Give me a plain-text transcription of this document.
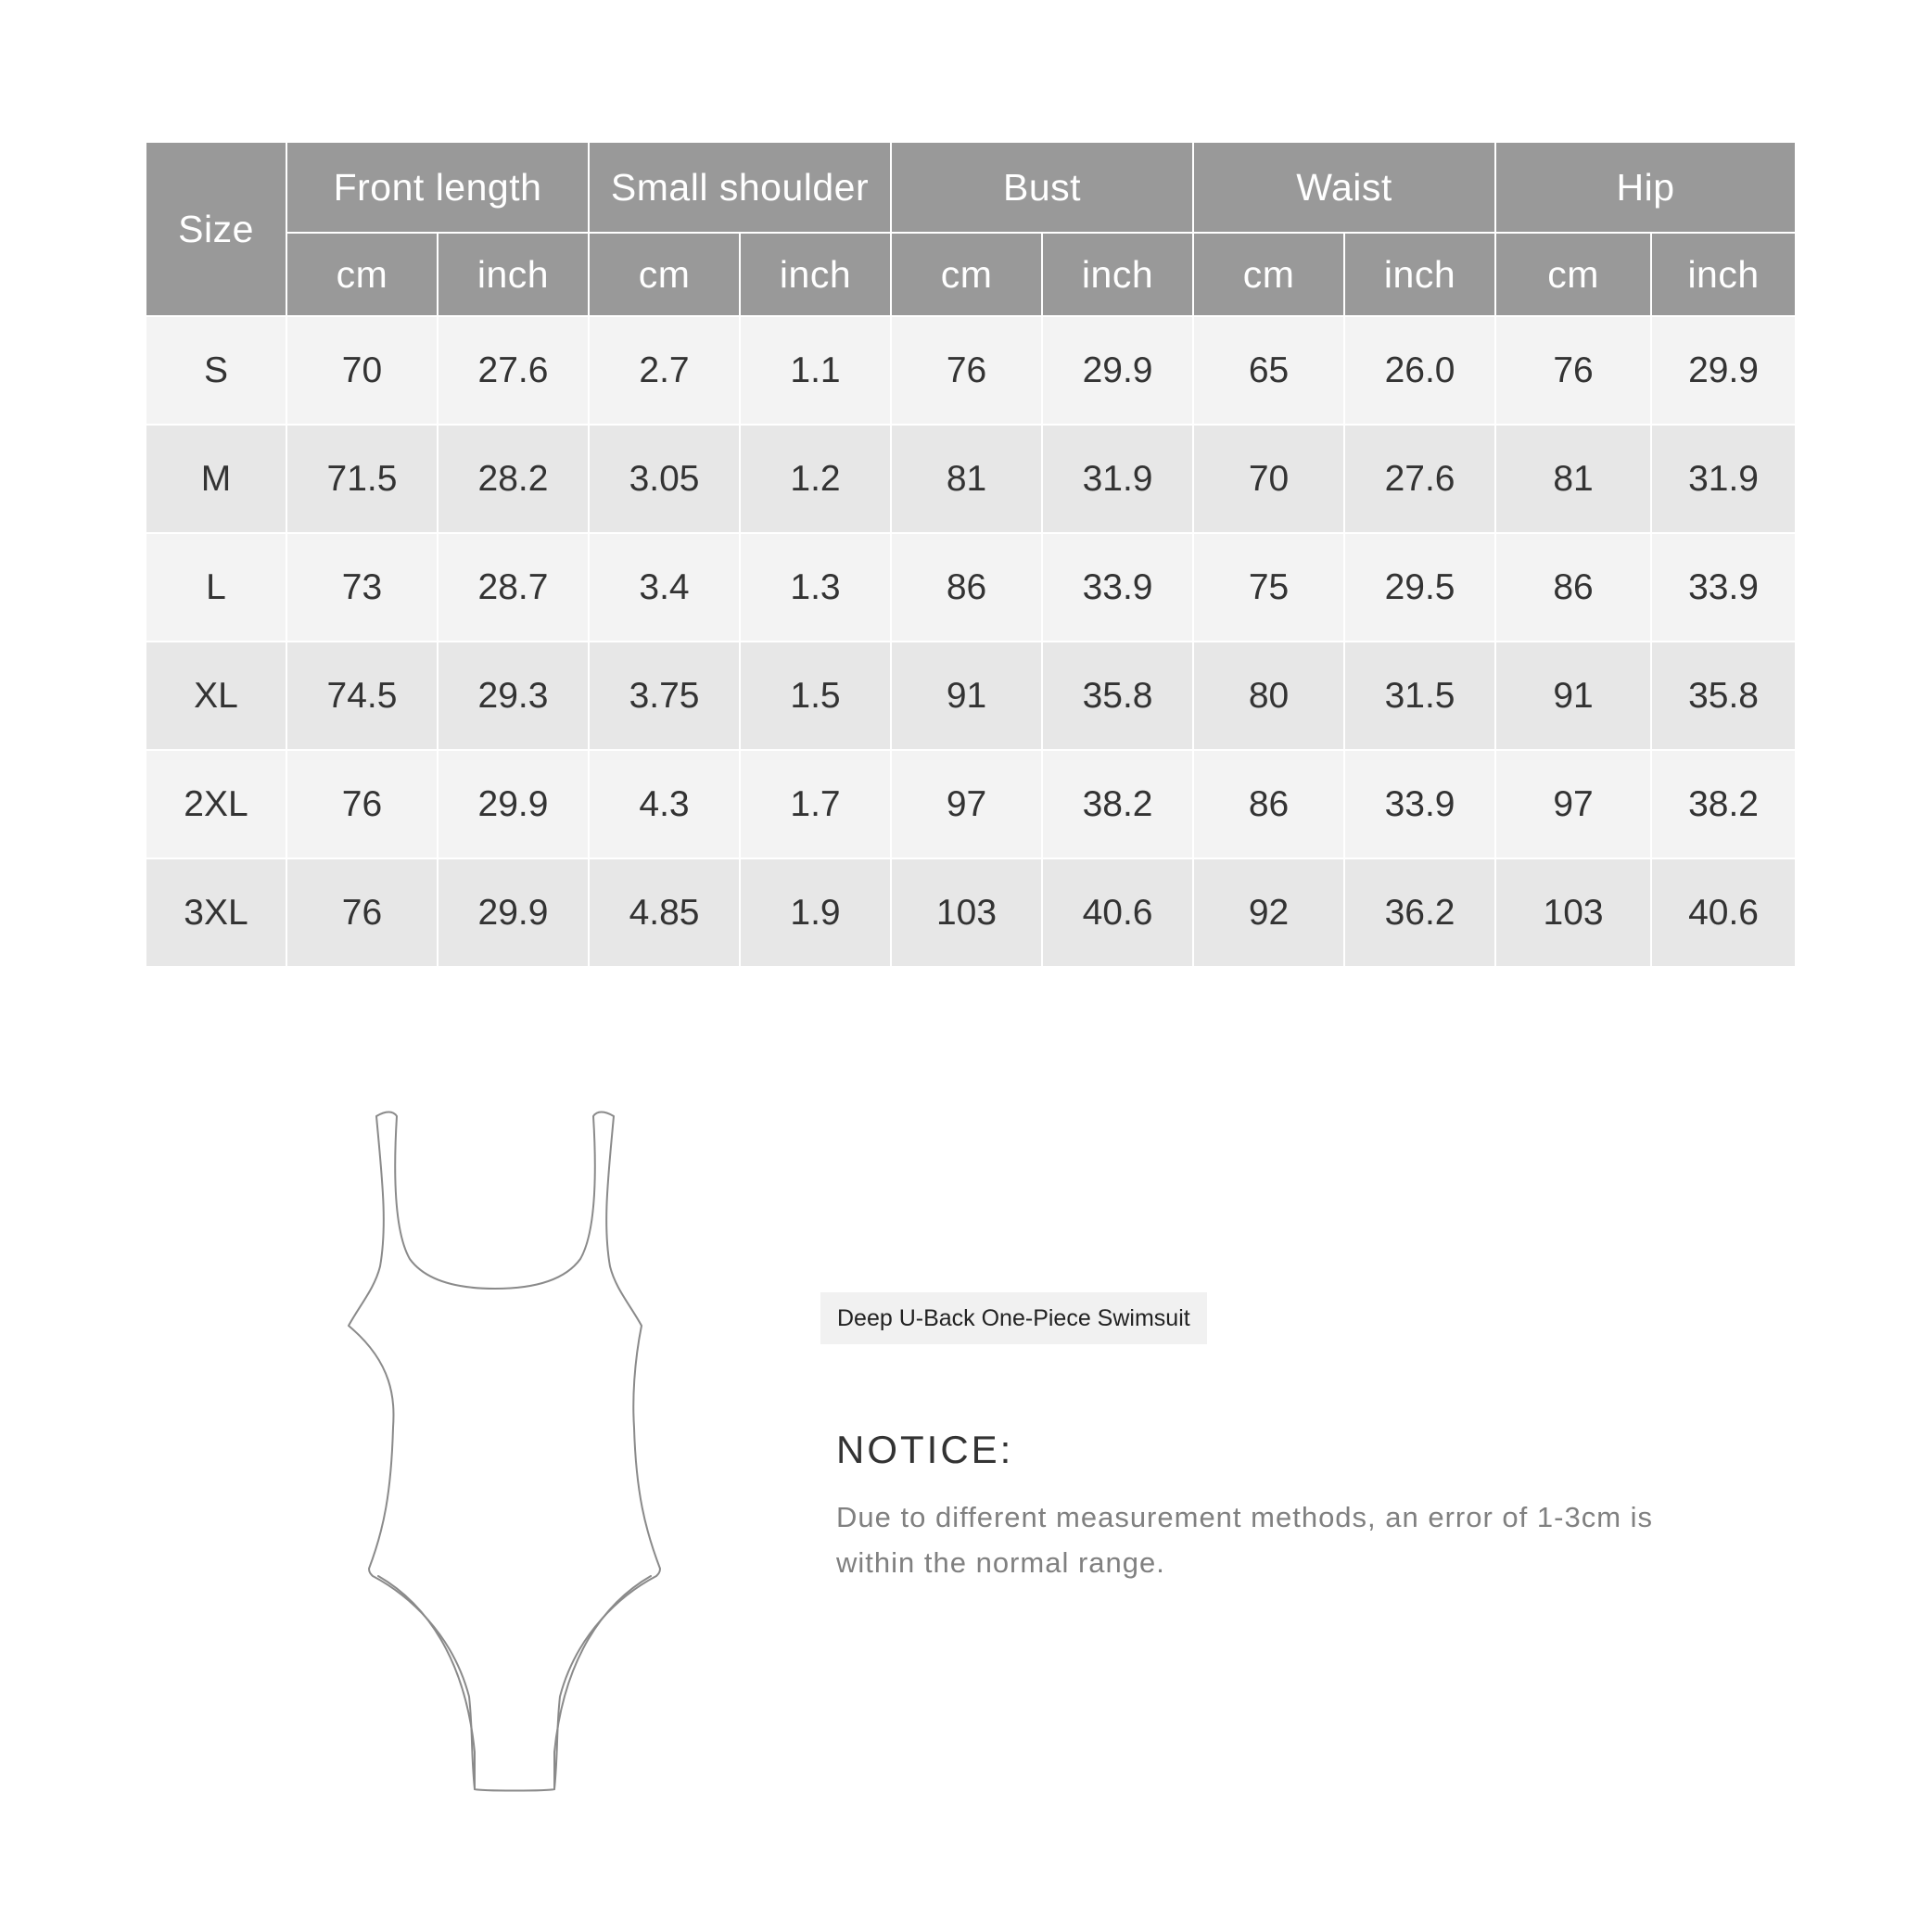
Size	Front length		Small shoulder		Bust		Waist		Hip	
	cm	inch	cm	inch	cm	inch	cm	inch	cm	inch
S	70	27.6	2.7	1.1	76	29.9	65	26.0	76	29.9
M	71.5	28.2	3.05	1.2	81	31.9	70	27.6	81	31.9
L	73	28.7	3.4	1.3	86	33.9	75	29.5	86	33.9
XL	74.5	29.3	3.75	1.5	91	35.8	80	31.5	91	35.8
2XL	76	29.9	4.3	1.7	97	38.2	86	33.9	97	38.2
3XL	76	29.9	4.85	1.9	103	40.6	92	36.2	103	40.6
Deep U-Back One-Piece Swimsuit
NOTICE:
Due to different measurement methods, an error of 1-3cm is within the normal range.
